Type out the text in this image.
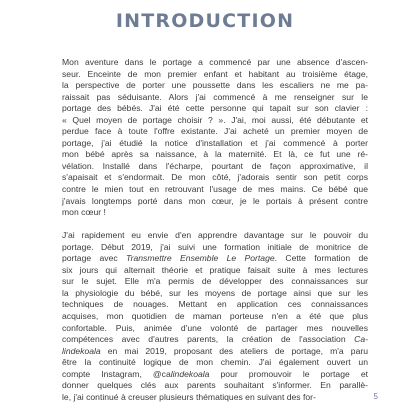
INTRODUCTION
Mon aventure dans le portage a commencé par une absence d'ascen-
seur. Enceinte de mon premier enfant et habitant au troisième étage,
la perspective de porter une poussette dans les escaliers ne me pa-
raissait pas séduisante. Alors j'ai commencé à me renseigner sur le
portage des bébés. J'ai été cette personne qui tapait sur son clavier :
« Quel moyen de portage choisir ? ». J'ai, moi aussi, été débutante et
perdue face à toute l'offre existante. J'ai acheté un premier moyen de
portage, j'ai étudié la notice d'installation et j'ai commencé à porter
mon bébé après sa naissance, à la maternité. Et là, ce fut une ré-
vélation. Installé dans l'écharpe, pourtant de façon approximative, il
s'apaisait et s'endormait. De mon côté, j'adorais sentir son petit corps
contre le mien tout en retrouvant l'usage de mes mains. Ce bébé que
j'avais longtemps porté dans mon cœur, je le portais à présent contre
mon cœur !
J'ai rapidement eu envie d'en apprendre davantage sur le pouvoir du
portage. Début 2019, j'ai suivi une formation initiale de monitrice de
portage avec Transmettre Ensemble Le Portage. Cette formation de
six jours qui alternait théorie et pratique faisait suite à mes lectures
sur le sujet. Elle m'a permis de développer des connaissances sur
la physiologie du bébé, sur les moyens de portage ainsi que sur les
techniques de nouages. Mettant en application ces connaissances
acquises, mon quotidien de maman porteuse n'en a été que plus
confortable. Puis, animée d'une volonté de partager mes nouvelles
compétences avec d'autres parents, la création de l'association Ca-
lindekoala en mai 2019, proposant des ateliers de portage, m'a paru
être la continuité logique de mon chemin. J'ai également ouvert un
compte Instagram, @calindekoala pour promouvoir le portage et
donner quelques clés aux parents souhaitant s'informer. En parallè-
le, j'ai continué à creuser plusieurs thématiques en suivant des for-	5
